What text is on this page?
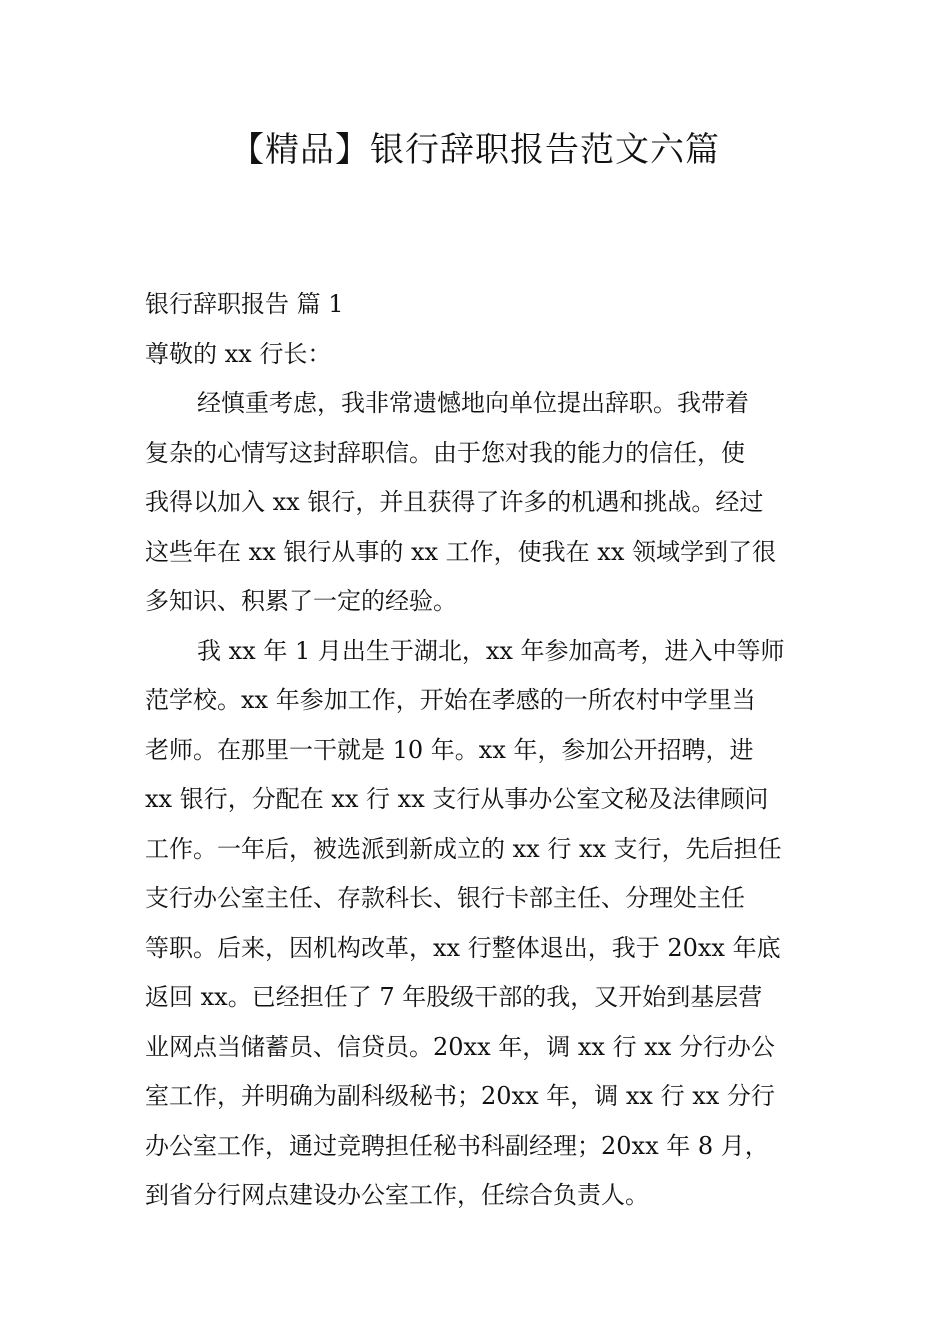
【精品】银行辞职报告范文六篇
银行辞职报告 篇 1
尊敬的 xx 行长：
经慎重考虑，我非常遗憾地向单位提出辞职。我带着
复杂的心情写这封辞职信。由于您对我的能力的信任，使
我得以加入 xx 银行，并且获得了许多的机遇和挑战。经过
这些年在 xx 银行从事的 xx 工作，使我在 xx 领域学到了很
多知识、积累了一定的经验。
我 xx 年 1 月出生于湖北，xx 年参加高考，进入中等师
范学校。xx 年参加工作，开始在孝感的一所农村中学里当
老师。在那里一干就是 10 年。xx 年，参加公开招聘，进
xx 银行，分配在 xx 行 xx 支行从事办公室文秘及法律顾问
工作。一年后，被选派到新成立的 xx 行 xx 支行，先后担任
支行办公室主任、存款科长、银行卡部主任、分理处主任
等职。后来，因机构改革，xx 行整体退出，我于 20xx 年底
返回 xx。已经担任了 7 年股级干部的我，又开始到基层营
业网点当储蓄员、信贷员。20xx 年，调 xx 行 xx 分行办公
室工作，并明确为副科级秘书；20xx 年，调 xx 行 xx 分行
办公室工作，通过竞聘担任秘书科副经理；20xx 年 8 月，
到省分行网点建设办公室工作，任综合负责人。
